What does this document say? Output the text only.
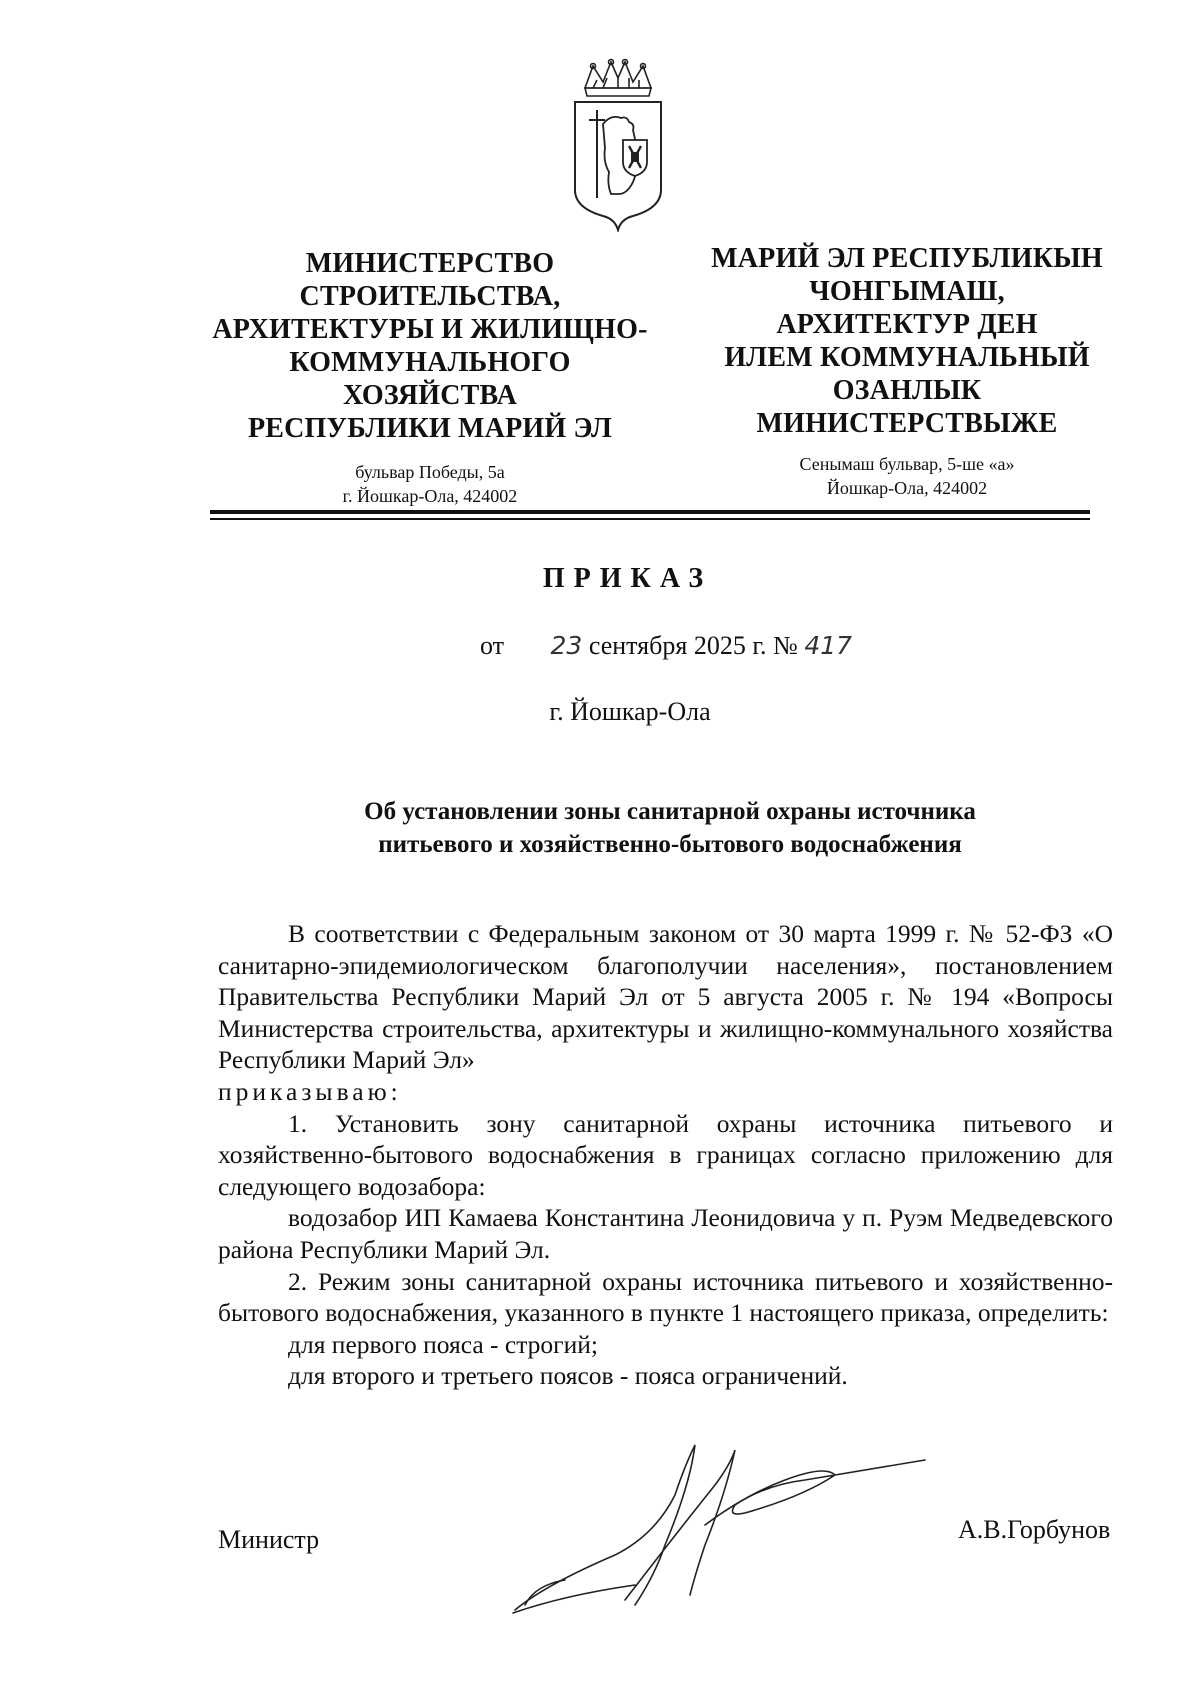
МИНИСТЕРСТВО
СТРОИТЕЛЬСТВА,
АРХИТЕКТУРЫ И ЖИЛИЩНО-
КОММУНАЛЬНОГО
ХОЗЯЙСТВА
РЕСПУБЛИКИ МАРИЙ ЭЛ
МАРИЙ ЭЛ РЕСПУБЛИКЫН
ЧОНГЫМАШ,
АРХИТЕКТУР ДЕН
ИЛЕМ КОММУНАЛЬНЫЙ
ОЗАНЛЫК
МИНИСТЕРСТВЫЖЕ
бульвар Победы, 5а
г. Йошкар-Ола, 424002
Сенымаш бульвар, 5-ше «а»
Йошкар-Ола, 424002
ПРИКАЗ
от 23 сентября 2025 г. № 417
г. Йошкар-Ола
Об установлении зоны санитарной охраны источника
питьевого и хозяйственно-бытового водоснабжения

В соответствии с Федеральным законом от 30 марта 1999 г. № 52-ФЗ «О санитарно-эпидемиологическом благополучии населения», постановлением Правительства Республики Марий Эл от 5 августа 2005 г. № 194 «Вопросы Министерства строительства, архитектуры и жилищно-коммунального хозяйства Республики Марий Эл»

приказываю:

1. Установить зону санитарной охраны источника питьевого и хозяйственно-бытового водоснабжения в границах согласно приложению для следующего водозабора:

водозабор ИП Камаева Константина Леонидовича у п. Руэм Медведевского района Республики Марий Эл.

2. Режим зоны санитарной охраны источника питьевого и хозяйственно-бытового водоснабжения, указанного в пункте 1 настоящего приказа, определить:

для первого пояса - строгий;

для второго и третьего поясов - пояса ограничений.

Министр	А.В.Горбунов
